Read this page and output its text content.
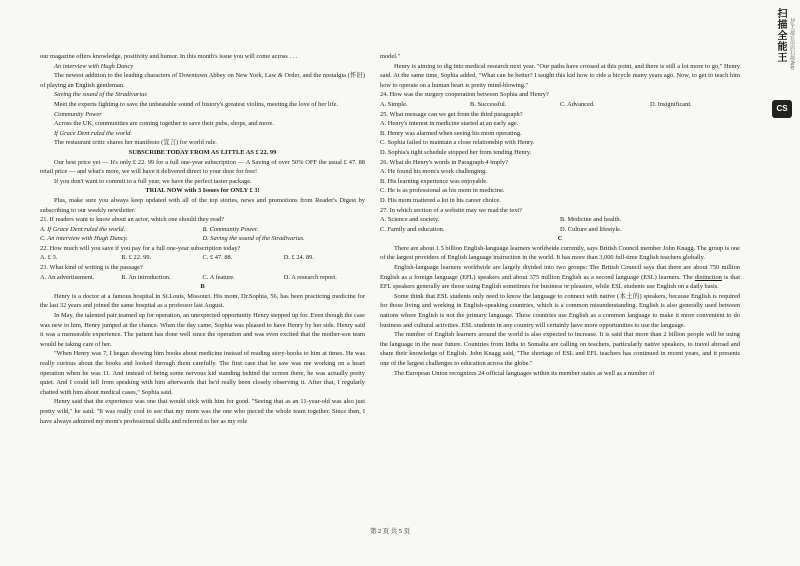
our magazine offers knowledge, positivity and humor. In this month's issue you will come across . . .

An interview with Hugh Dancy

The newest addition to the leading characters of Downtown Abbey on New York, Law & Order, and the nostalgia (怀旧) of playing an English gentleman.

Saving the sound of the Stradivarius

Meet the experts fighting to save the unbeatable sound of history's greatest violins, meeting the love of her life.

Community Power

Across the UK, communities are coming together to save their pubs, shops, and more.

If Grace Dent ruled the world

The restaurant critic shares her manifesto (宣言) for world rule.

SUBSCRIBE TODAY FROM AS LITTLE AS £ 22. 99

Our best price yet — It's only £ 22. 99 for a full one-year subscription — A Saving of over 50% OFF the usual £ 47. 88 retail price — and what's more, we will have it delivered direct to your door for free!

If you don't want to commit to a full year, we have the perfect taster package.

TRIAL NOW with 3 Issues for ONLY £ 3!

Plus, make sure you always keep updated with all of the top stories, news and promotions from Reader's Digest by subscribing to our weekly newsletter.

21. If readers want to know about an actor, which one should they read?

A. If Grace Dent ruled the world.	B. Community Power.
C. An interview with Hugh Dancy.	D. Saving the sound of the Stradivarius.

22. How much will you save if you pay for a full one-year subscription today?

A. £ 3.	B. £ 22. 99.	C. £ 47. 88.	D. £ 24. 89.

23. What kind of writing is the passage?

A. An advertisement.	B. An introduction.	C. A feature.	D. A research report.

B

Henry is a doctor at a famous hospital in St.Louis, Missouri. His mom, Dr.Sophia, 56, has been practicing medicine for the last 32 years and joined the same hospital as a professor last August.

In May, the talented pair teamed up for operation, an unexpected opportunity Henry stepped up for. Even though the case was new to him, Henry jumped at the chance. When the day came, Sophia was pleased to have Henry by her side. Henry said it was a memorable experience. The patient has done well since the operation and was even excited that the mother-son team would be taking care of her.

"When Henry was 7, I began showing him books about medicine instead of reading story-books to him at times. He was really curious about the books and looked through them carefully. The first case that he saw was me working on a heart operation when he was 11. And instead of being some nervous kid standing behind the screen there, he was actually pretty quiet. And I could tell from speaking with him afterwards that he'd really been closely observing it. After that, I regularly chatted with him about medical cases," Sophia said.

Henry said that the experience was one that would stick with him for good. "Seeing that as an 11-year-old was also just pretty wild," he said. "It was really cool to see that my mom was the one who pieced the whole team together. Since then, I have always admired my mom's professional skills and referred to her as my role

model."

Henry is aiming to dig into medical research next year. "Our paths have crossed at this point, and there is still a lot more to go," Henry said. At the same time, Sophia added, "What can be better? I taught this kid how to ride a bicycle many years ago. Now, to get to teach him how to operate on a human heart is pretty mind-blowing."

24. How was the surgery cooperation between Sophia and Henry?

A. Simple.	B. Successful.	C. Advanced.	D. Insignificant.

25. What message can we get from the third paragraph?

A. Henry's interest in medicine started at an early age.

B. Henry was alarmed when seeing his mom operating.

C. Sophia failed to maintain a close relationship with Henry.

D. Sophia's tight schedule stopped her from tending Henry.

26. What do Henry's words in Paragraph 4 imply?

A. He found his mom's work challenging.

B. His learning experience was enjoyable.

C. He is as professional as his mom in medicine.

D. His mom mattered a lot in his career choice.

27. In which section of a website may we read the text?

A. Science and society.	B. Medicine and health.
C. Family and education.	D. Culture and lifestyle.

C

There are about 1.5 billion English-language learners worldwide currently, says British Council member John Knagg. The group is one of the largest providers of English language instruction in the world. It has more than 3,000 full-time English teachers globally.

English-language learners worldwide are largely divided into two groups: The British Council says that there are about 750 million English as a foreign language (EFL) speakers and about 375 million English as a second language (ESL) learners. The distinction is that EFL speakers generally are those using English sometimes for business or pleasure, while ESL students use English on a daily basis.

Some think that ESL students only need to know the language to connect with native (本土的) speakers, because English is required for those living and working in English-speaking countries, which is a common misunderstanding. English is also generally used between nations where English is not the primary language. These countries use English as a common language to make it more convenient to do business and cultural activities. ESL students in any country will certainly have more opportunities to use the language.

The number of English learners around the world is also expected to increase. It is said that more than 2 billion people will be using the language in the near future. Countries from India to Somalia are calling on teachers, particularly native speakers, to travel abroad and share their knowledge of English. John Knagg said, "The shortage of ESL and EFL teachers has continued in recent years, and it presents one of the largest challenges to education across the globe."

The European Union recognizes 24 official languages within its member states as well as a number of

第 2 页 共 5 页
扫描全能王 3亿人都在用的扫描App
CS
